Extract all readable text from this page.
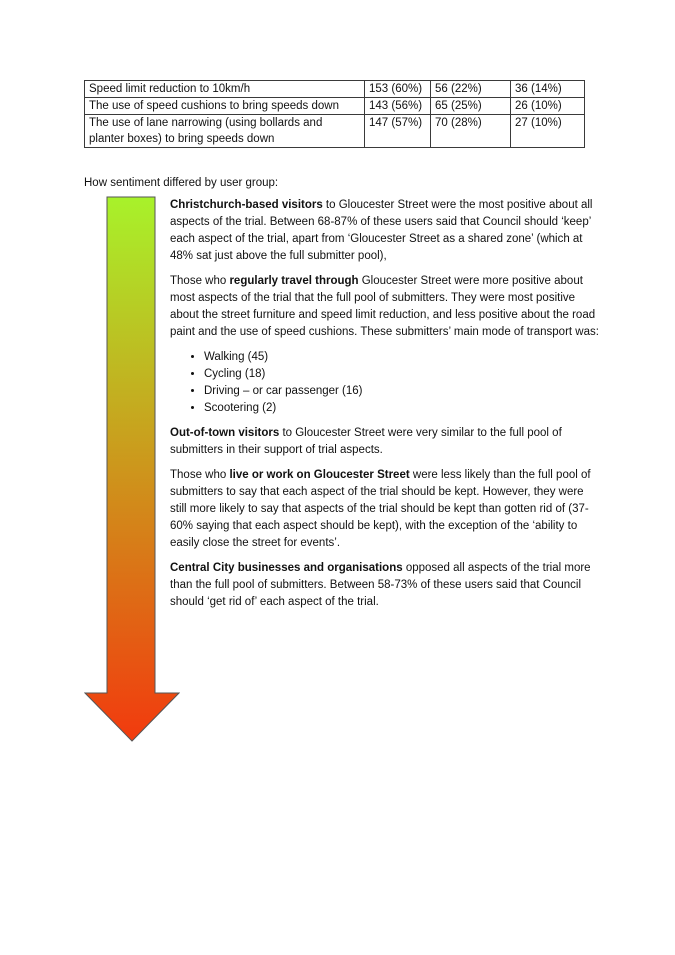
Speed limit reduction to 10km/h	153 (60%)	56 (22%)	36 (14%)
The use of speed cushions to bring speeds down	143 (56%)	65 (25%)	26 (10%)
The use of lane narrowing (using bollards and planter boxes) to bring speeds down	147 (57%)	70 (28%)	27 (10%)
How sentiment differed by user group:

Christchurch-based visitors to Gloucester Street were the most positive about all aspects of the trial. Between 68-87% of these users said that Council should ‘keep’ each aspect of the trial, apart from ‘Gloucester Street as a shared zone’ (which at 48% sat just above the full submitter pool),

Those who regularly travel through Gloucester Street were more positive about most aspects of the trial that the full pool of submitters. They were most positive about the street furniture and speed limit reduction, and less positive about the road paint and the use of speed cushions. These submitters’ main mode of transport was:

• Walking (45)
• Cycling (18)
• Driving – or car passenger (16)
• Scootering (2)

Out-of-town visitors to Gloucester Street were very similar to the full pool of submitters in their support of trial aspects.

Those who live or work on Gloucester Street were less likely than the full pool of submitters to say that each aspect of the trial should be kept. However, they were still more likely to say that aspects of the trial should be kept than gotten rid of (37-60% saying that each aspect should be kept), with the exception of the ‘ability to easily close the street for events’.

Central City businesses and organisations opposed all aspects of the trial more than the full pool of submitters. Between 58-73% of these users said that Council should ‘get rid of’ each aspect of the trial.
